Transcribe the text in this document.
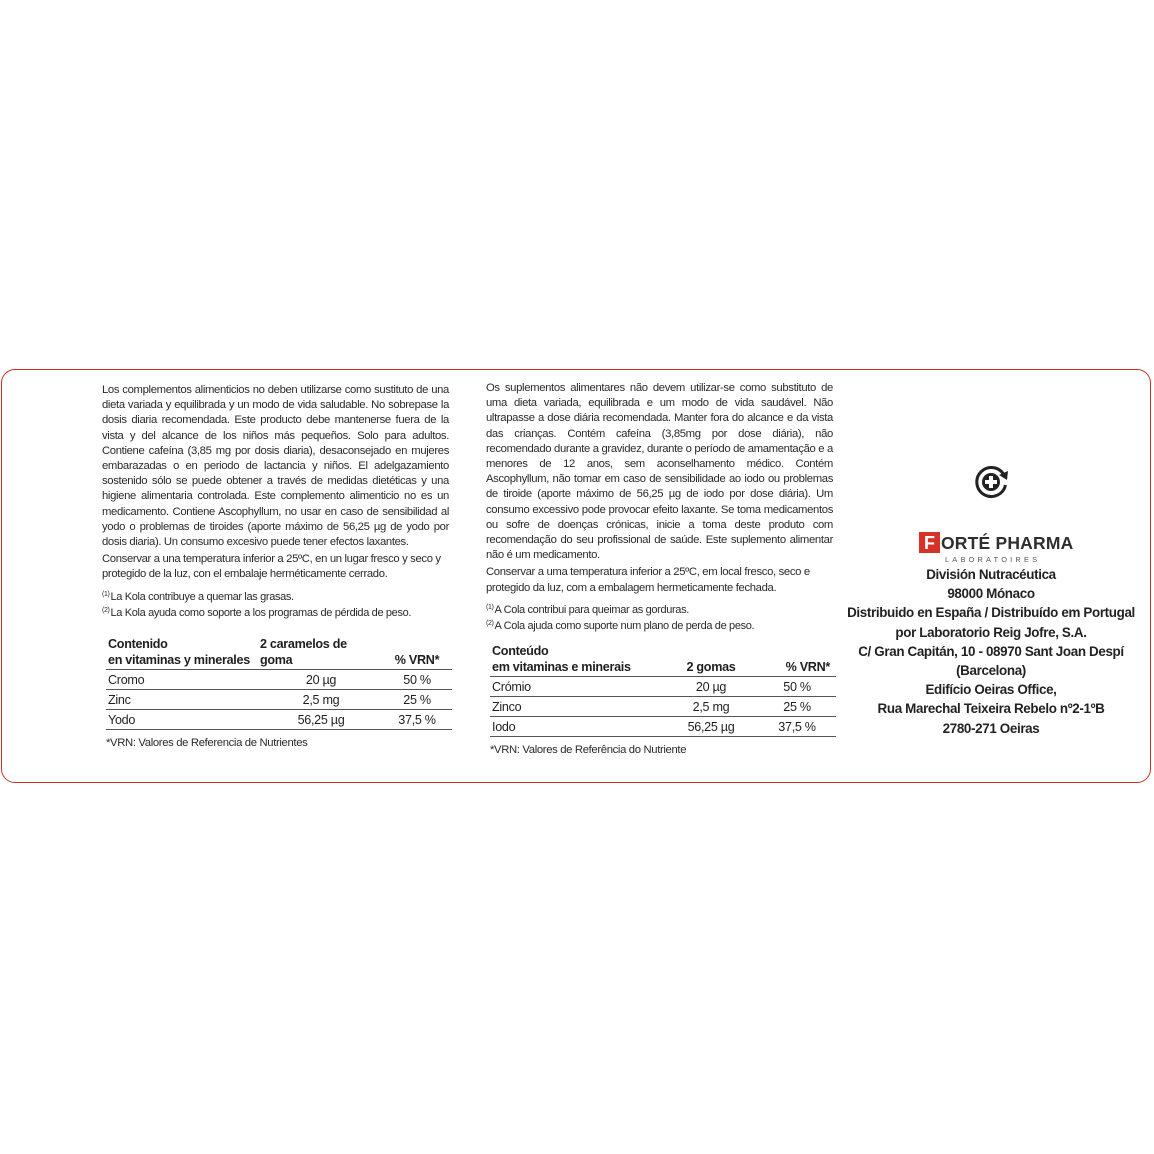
Los complementos alimenticios no deben utilizarse como sustituto de una dieta variada y equilibrada y un modo de vida saludable. No sobrepase la dosis diaria recomendada. Este producto debe mantenerse fuera de la vista y del alcance de los niños más pequeños. Solo para adultos. Contiene cafeína (3,85 mg por dosis diaria), desaconsejado en mujeres embarazadas o en periodo de lactancia y niños. El adelgazamiento sostenido sólo se puede obtener a través de medidas dietéticas y una higiene alimentaria controlada. Este complemento alimenticio no es un medicamento. Contiene Ascophyllum, no usar en caso de sensibilidad al yodo o problemas de tiroides (aporte máximo de 56,25 µg de yodo por dosis diaria). Un consumo excesivo puede tener efectos laxantes.

Conservar a una temperatura inferior a 25ºC, en un lugar fresco y seco y protegido de la luz, con el embalaje herméticamente cerrado.

$^{(1)}$La Kola contribuye a quemar las grasas.
$^{(2)}$La Kola ayuda como soporte a los programas de pérdida de peso.
Contenido
en vitaminas y minerales	2 caramelos de goma	% VRN*
Cromo	20 µg	50 %
Zinc	2,5 mg	25 %
Yodo	56,25 µg	37,5 %
*VRN: Valores de Referencia de Nutrientes

Os suplementos alimentares não devem utilizar-se como substituto de uma dieta variada, equilibrada e um modo de vida saudável. Não ultrapasse a dose diária recomendada. Manter fora do alcance e da vista das crianças. Contém cafeína (3,85mg por dose diária), não recomendado durante a gravidez, durante o período de amamentação e a menores de 12 anos, sem aconselhamento médico. Contém Ascophyllum, não tomar em caso de sensibilidade ao iodo ou problemas de tiroide (aporte máximo de 56,25 µg de iodo por dose diária). Um consumo excessivo pode provocar efeito laxante. Se toma medicamentos ou sofre de doenças crónicas, inicie a toma deste produto com recomendação do seu profissional de saúde. Este suplemento alimentar não é um medicamento.

Conservar a uma temperatura inferior a 25ºC, em local fresco, seco e protegido da luz, com a embalagem hermeticamente fechada.

$^{(1)}$A Cola contribui para queimar as gorduras.
$^{(2)}$A Cola ajuda como suporte num plano de perda de peso.
Conteúdo
em vitaminas e minerais	2 gomas	% VRN*
Crómio	20 µg	50 %
Zinco	2,5 mg	25 %
Iodo	56,25 µg	37,5 %
*VRN: Valores de Referência do Nutriente
F ORTÉ PHARMA
LABORATOIRES
División Nutracéutica
98000 Mónaco
Distribuido en España / Distribuído em Portugal
por Laboratorio Reig Jofre, S.A.
C/ Gran Capitán, 10 - 08970 Sant Joan Despí
(Barcelona)
Edifício Oeiras Office,
Rua Marechal Teixeira Rebelo nº2-1ºB
2780-271 Oeiras
